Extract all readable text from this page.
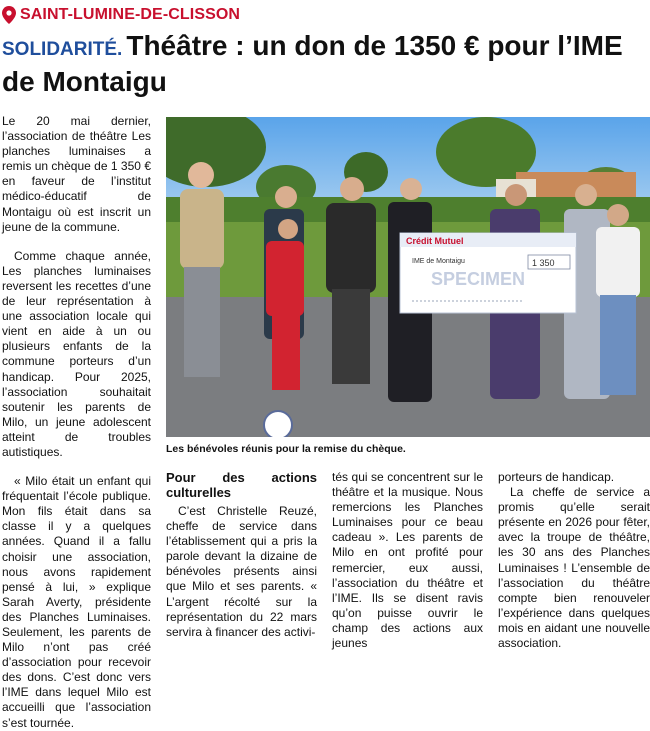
SAINT-LUMINE-DE-CLISSON
SOLIDARITÉ. Théâtre : un don de 1350 € pour l’IME de Montaigu

Le 20 mai dernier, l’association de théâtre Les planches luminaises a remis un chèque de 1 350 € en faveur de l’institut médico-éducatif de Montaigu où est inscrit un jeune de la commune.

Comme chaque année, Les planches luminaises reversent les recettes d’une de leur représentation à une association locale qui vient en aide à un ou plusieurs enfants de la commune porteurs d’un handicap. Pour 2025, l’association souhaitait soutenir les parents de Milo, un jeune adolescent atteint de troubles autistiques.

« Milo était un enfant qui fréquentait l’école publique. Mon fils était dans sa classe il y a quelques années. Quand il a fallu choisir une association, nous avons rapidement pensé à lui, » explique Sarah Averty, présidente des Planches Luminaises. Seulement, les parents de Milo n’ont pas créé d’association pour recevoir des dons. C’est donc vers l’IME dans lequel Milo est accueilli que l’association s’est tournée.

Crédit Mutuel
SPECIMEN
1 350
IME de Montaigu
Les bénévoles réunis pour la remise du chèque.
Pour des actions culturelles

C’est Christelle Reuzé, cheffe de service dans l’établissement qui a pris la parole devant la dizaine de bénévoles présents ainsi que Milo et ses parents. « L’argent récolté sur la représentation du 22 mars servira à financer des activi-

tés qui se concentrent sur le théâtre et la musique. Nous remercions les Planches Luminaises pour ce beau cadeau ». Les parents de Milo en ont profité pour remercier, eux aussi, l’association du théâtre et l’IME. Ils se disent ravis qu’on puisse ouvrir le champ des actions aux jeunes

porteurs de handicap.

La cheffe de service a promis qu’elle serait présente en 2026 pour fêter, avec la troupe de théâtre, les 30 ans des Planches Luminaises ! L’ensemble de l’association du théâtre compte bien renouveler l’expérience dans quelques mois en aidant une nouvelle association.
